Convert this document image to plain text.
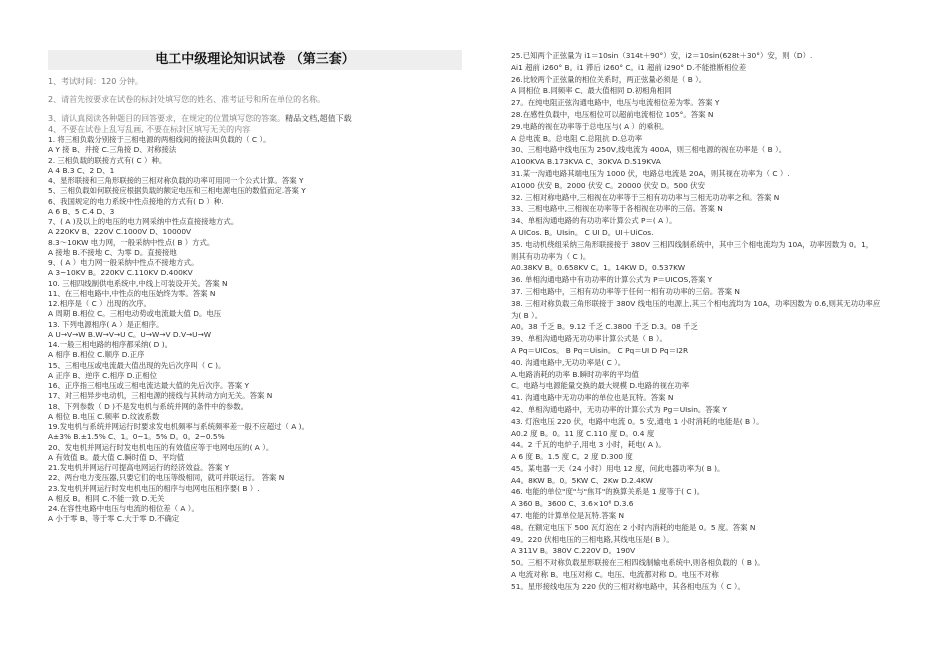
电工中级理论知识试卷 （第三套）
1、考试时间：120 分钟。
2、请首先按要求在试卷的标封处填写您的姓名、准考证号和所在单位的名称。
3、请认真阅读各种题目的回答要求，在规定的位置填写您的答案。精品文档,超值下载
4、不要在试卷上乱写乱画, 不要在标封区填写无关的内容
1. 将三相负载分别接于三相电源的两相线间的接法叫负载的（ C ）。
A Y 接 B、并接 C.三角接 D、对称接法
2. 三相负载的联接方式有( C ）种。
A 4 B.3 C、2 D、1
4、星形联接和三角形联接的三相对称负载的功率可用同一个公式计算。答案 Y
5、三相负载如何联接应根据负载的额定电压和三相电源电压的数值而定.答案 Y
6、我国规定的电力系统中性点接地的方式有( D ）种.
A 6 B、5 C.4 D、3
7、( A )及以上的电压的电力网采纳中性点直接接地方式。
A 220KV B、220V C.1000V D、10000V
8.3～10KW 电力网，一般采纳中性点( B ）方式。
A 接地 B.不接地 C、为零 D。直接接地
9、( A ）电力网一般采纳中性点不接地方式。
A 3~10KV B。220KV C.110KV D.400KV
10. 三相四线制供电系统中,中线上可装设开关。答案 N
11、在三相电路中,中性点的电压始终为零。答案 N
12.相序是（ C ）出现的次序。
A 周期 B.相位 C。三相电动势或电流最大值 D。电压
13. 下列电源相序( A ）是正相序。
A U→V→W B.W→V→U C。U→W→V D.V→U→W
14.一般三相电路的相序都采纳( D )。
A 相序 B.相位 C.顺序 D.正序
15、三相电压或电流最大值出现的先后次序叫（ C )。
A 正序 B、逆序 C.相序 D.正相位
16、正序指三相电压或三相电流达最大值的先后次序。答案 Y
17、对三相异步电动机，三相电源的接线与其转动方向无关。答案 N
18、下列参数（ D )不是发电机与系统并网的条件中的参数。
A 相位 B.电压 C.频率 D.纹波系数
19.发电机与系统并网运行时要求发电机频率与系统频率差一般不应超过（ A )。
A±3% B.±1.5% C、1。0~1。5% D。0。2~0.5%
20、发电机并网运行时发电机电压的有效值应等于电网电压的( A ）。
A 有效值 B。最大值 C.瞬时值 D、平均值
21.发电机并网运行可提高电网运行的经济效益。答案 Y
22、两台电力变压器,只要它们的电压等级相同，就可并联运行。 答案 N
23.发电机并网运行时发电机电压的相序与电网电压相序要( B ）.
A 相反 B。相同 C.不能一致 D.无关
24.在容性电路中电压与电流的相位差（ A ）。
A 小于零 B、等于零 C.大于零 D.不确定
25.已知两个正弦量为 i1＝10sin（314t＋90°）安，i2＝10sin(628t＋30°）安，则（D）.
Ai1 超前 i260° B。i1 滞后 i260° C。i1 超前 i290° D.不能推断相位差
26.比较两个正弦量的相位关系时，两正弦量必须是（ B ）。
A 同相位 B.同频率 C、最大值相同 D.初相角相同
27。在纯电阻正弦沟通电路中，电压与电流相位差为零。答案 Y
28.在感性负载中，电压相位可以超前电流相位 105°。答案 N
29.电路的视在功率等于总电压与( A ）的乘积。
A 总电流 B。总电阻 C.总阻抗 D.总功率
30、三相电路中线电压为 250V,线电流为 400A，则三相电源的视在功率是（ B ）。
A100KVA B.173KVA C、30KVA D.519KVA
31.某一沟通电路其端电压为 1000 伏，电路总电流是 20A，则其视在功率为（ C ）.
A1000 伏安 B。2000 伏安 C。20000 伏安 D。500 伏安
32. 三相对称电路中,三相视在功率等于三相有功功率与三相无功功率之和。答案 N
33、三相电路中,三相视在功率等于各相视在功率的三倍。答案 N
34、单相沟通电路的有功功率计算公式 P＝( A ）。
A UICos. B。UIsin。 C UI D。UI＋UiCos.
35. 电动机绕组采纳三角形联接接于 380V 三相四线制系统中，其中三个相电流均为 10A，功率因数为 0。1，
则其有功功率为（ C )。
A0.38KV B。0.658KV C。1。14KW D。0.537KW
36. 单相沟通电路中有功功率的计算公式为 P＝UICOS,答案 Y
37. 三相电路中，三相有功功率等于任何一相有功功率的三倍。答案 N
38. 三相对称负载三角形联接于 380V 线电压的电源上,其三个相电流均为 10A，功率因数为 0.6,则其无功功率应
为( B ）。
A0。38 千乏 B。9.12 千乏 C.3800 千乏 D.3。08 千乏
39、单相沟通电路无功功率计算公式是（ B ）。
A Pq＝UICos。 B Pq＝Uisin。 C Pq＝UI D Pq＝I2R
40. 沟通电路中,无功功率是( C ）。
A.电路消耗的功率 B.瞬时功率的平均值
C。电路与电源能量交换的最大规模 D.电路的视在功率
41. 沟通电路中无功功率的单位也是瓦特。答案 N
42、单相沟通电路中，无功功率的计算公式为 Pg＝UIsin。答案 Y
43. 灯泡电压 220 伏，电路中电流 0。5 安,通电 1 小时消耗的电能是( B ）。
A0.2 度 B。0。11 度 C.110 度 D。0.4 度
44。2 千瓦的电炉子,用电 3 小时，耗电( A )。
A 6 度 B。1.5 度 C。2 度 D.300 度
45。某电器一天（24 小时）用电 12 度，问此电器功率为( B )。
A4。8KW B。0。5KW C、2Kw D.2.4KW
46. 电能的单位"度"与"焦耳"的换算关系是 1 度等于( C )。
A 360 B。3600 C、3.6×10⁶ D.3.6
47. 电能的计算单位是瓦特.答案 N
48。在额定电压下 500 瓦灯泡在 2 小时内消耗的电能是 0。5 度。答案 N
49。220 伏相电压的三相电路,其线电压是( B ）。
A 311V B。380V C.220V D。190V
50。三相不对称负载星形联接在三相四线制输电系统中,则各相负载的（ B )。
A 电流对称 B。电压对称 C。电压、电流都对称 D。电压不对称
51。星形接线电压为 220 伏的三相对称电路中，其各相电压为（ C ）。
